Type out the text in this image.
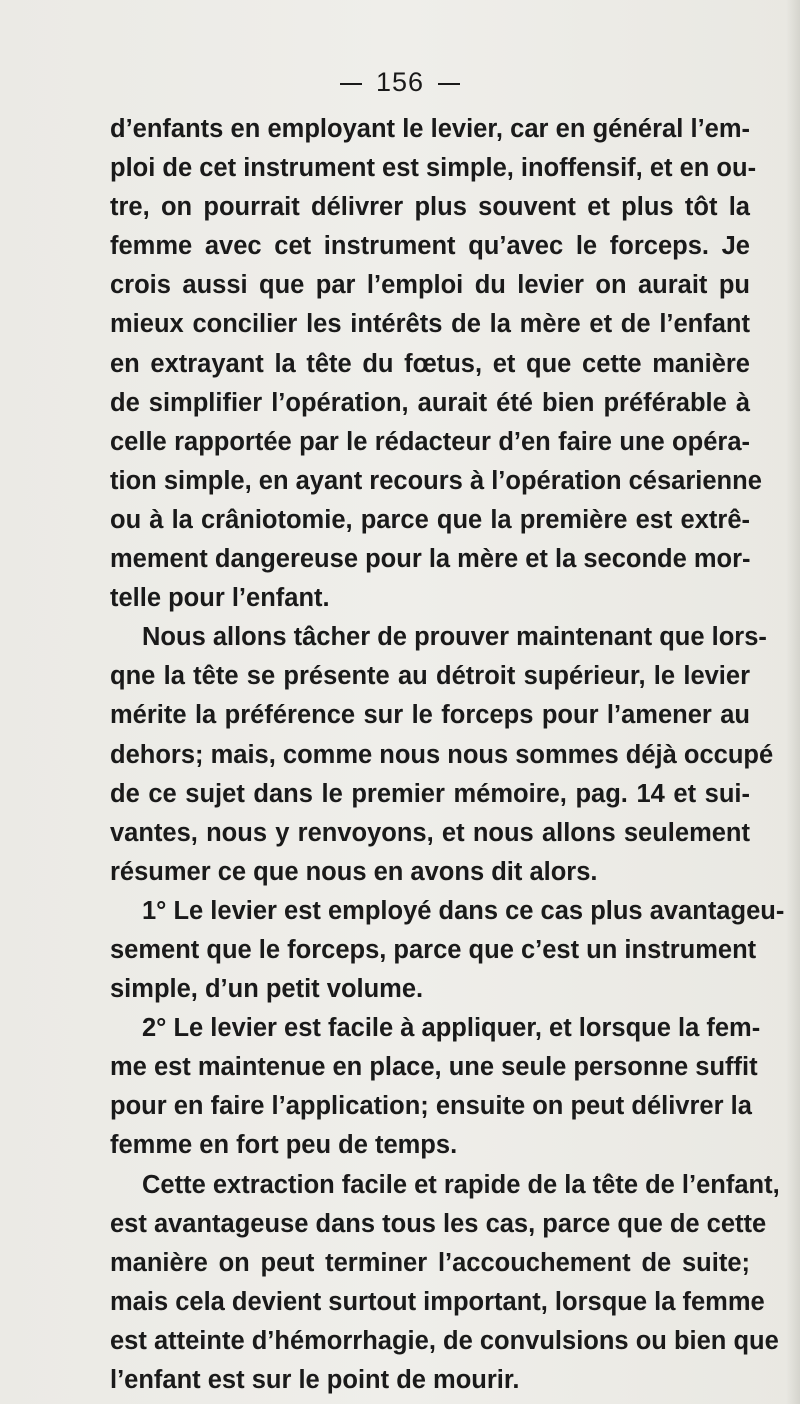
156
d’enfants en employant le levier, car en général l’em-
ploi de cet instrument est simple, inoffensif, et en ou-
tre, on pourrait délivrer plus souvent et plus tôt la
femme avec cet instrument qu’avec le forceps. Je
crois aussi que par l’emploi du levier on aurait pu
mieux concilier les intérêts de la mère et de l’enfant
en extrayant la tête du fœtus, et que cette manière
de simplifier l’opération, aurait été bien préférable à
celle rapportée par le rédacteur d’en faire une opéra-
tion simple, en ayant recours à l’opération césarienne
ou à la crâniotomie, parce que la première est extrê-
mement dangereuse pour la mère et la seconde mor-
telle pour l’enfant.
Nous allons tâcher de prouver maintenant que lors-
qne la tête se présente au détroit supérieur, le levier
mérite la préférence sur le forceps pour l’amener au
dehors; mais, comme nous nous sommes déjà occupé
de ce sujet dans le premier mémoire, pag. 14 et sui-
vantes, nous y renvoyons, et nous allons seulement
résumer ce que nous en avons dit alors.
1° Le levier est employé dans ce cas plus avantageu-
sement que le forceps, parce que c’est un instrument
simple, d’un petit volume.
2° Le levier est facile à appliquer, et lorsque la fem-
me est maintenue en place, une seule personne suffit
pour en faire l’application; ensuite on peut délivrer la
femme en fort peu de temps.
Cette extraction facile et rapide de la tête de l’enfant,
est avantageuse dans tous les cas, parce que de cette
manière on peut terminer l’accouchement de suite;
mais cela devient surtout important, lorsque la femme
est atteinte d’hémorrhagie, de convulsions ou bien que
l’enfant est sur le point de mourir.
